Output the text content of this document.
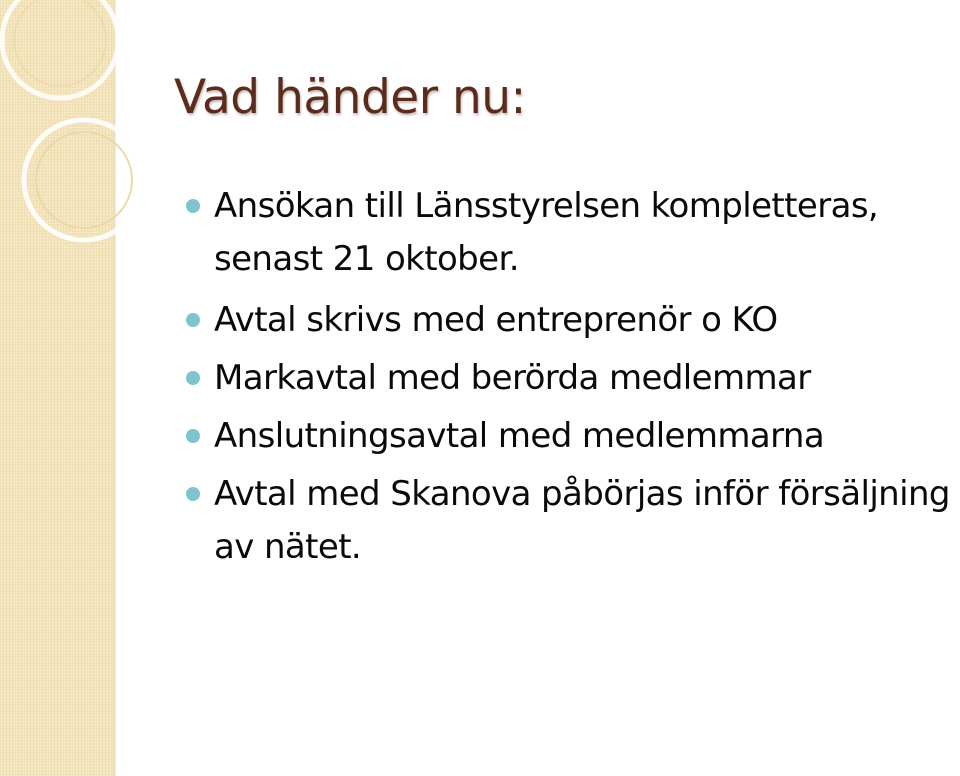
Vad händer nu:
Ansökan till Länsstyrelsen kompletteras, senast 21 oktober.
Avtal skrivs med entreprenör o KO
Markavtal med berörda medlemmar
Anslutningsavtal med medlemmarna
Avtal med Skanova påbörjas inför försäljning av nätet.
